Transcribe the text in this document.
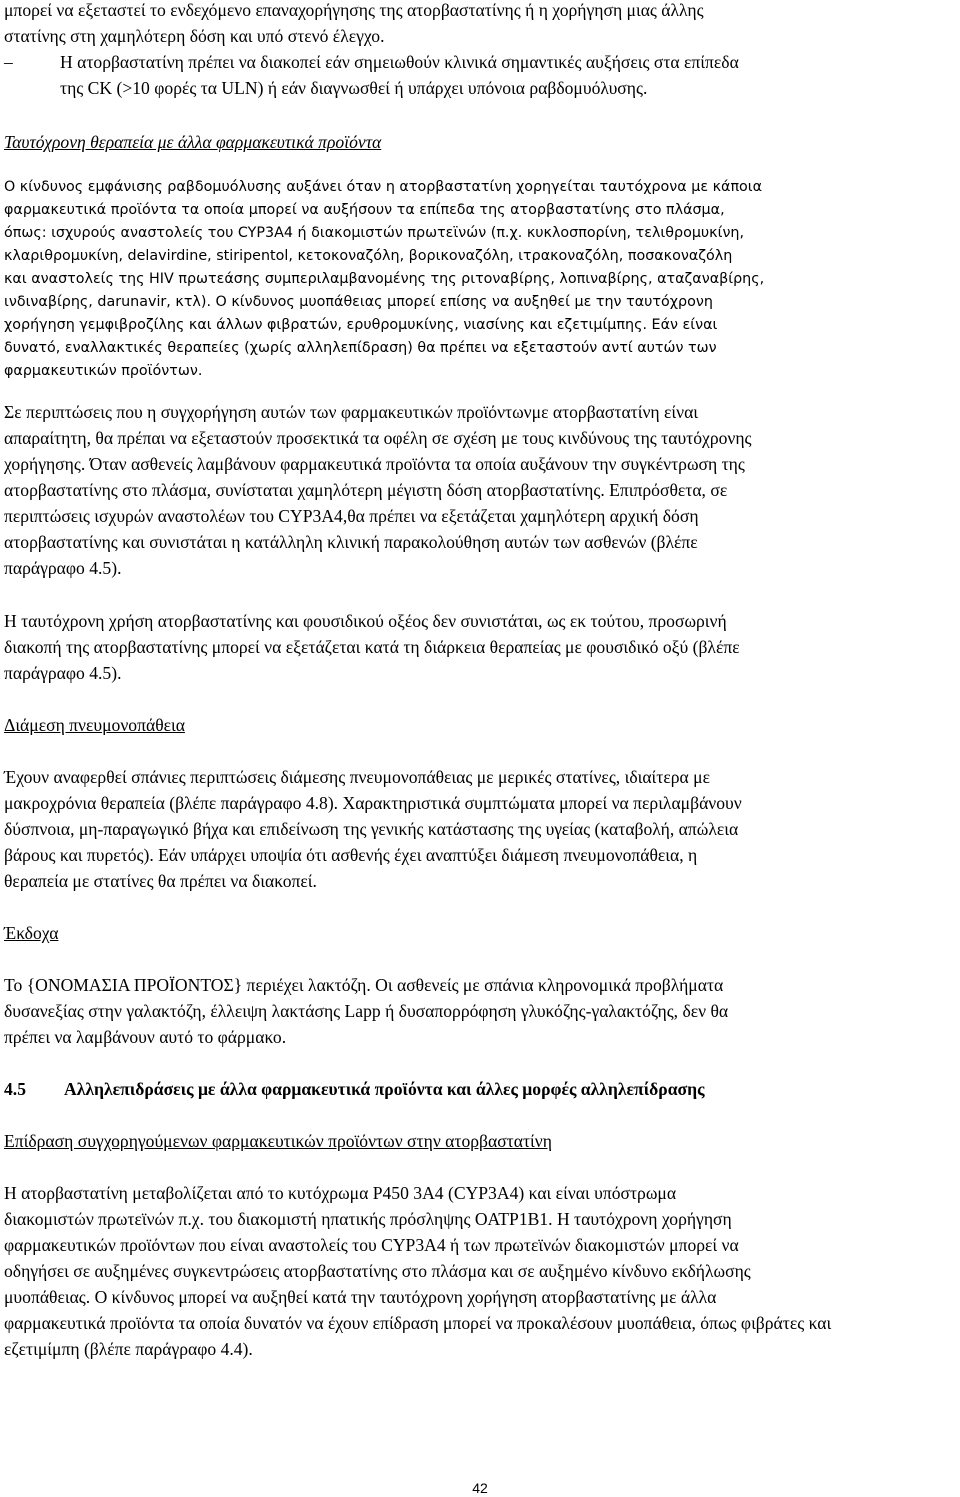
μπορεί να εξεταστεί το ενδεχόμενο επαναχορήγησης της ατορβαστατίνης ή η χορήγηση μιας άλλης
στατίνης στη χαμηλότερη δόση και υπό στενό έλεγχο.
–	Η ατορβαστατίνη πρέπει να διακοπεί εάν σημειωθούν κλινικά σημαντικές αυξήσεις στα επίπεδα
της CK (>10 φορές τα ULN) ή εάν διαγνωσθεί ή υπάρχει υπόνοια ραβδομυόλυσης.
Ταυτόχρονη θεραπεία με άλλα φαρμακευτικά προϊόντα
Ο κίνδυνος εμφάνισης ραβδομυόλυσης αυξάνει όταν η ατορβαστατίνη χορηγείται ταυτόχρονα με κάποια
φαρμακευτικά προϊόντα τα οποία μπορεί να αυξήσουν τα επίπεδα της ατορβαστατίνης στο πλάσμα,
όπως: ισχυρούς αναστολείς του CYP3A4 ή διακομιστών πρωτεϊνών (π.χ. κυκλοσπορίνη, τελιθρομυκίνη,
κλαριθρομυκίνη, delavirdine, stiripentol, κετοκοναζόλη, βορικοναζόλη, ιτρακοναζόλη, ποσακοναζόλη
και αναστολείς της HIV πρωτεάσης συμπεριλαμβανομένης της ριτοναβίρης, λοπιναβίρης, αταζαναβίρης,
ινδιναβίρης, darunavir, κτλ). Ο κίνδυνος μυοπάθειας μπορεί επίσης να αυξηθεί με την ταυτόχρονη
χορήγηση γεμφιβροζίλης και άλλων φιβρατών, ερυθρομυκίνης, νιασίνης και εζετιμίμπης. Εάν είναι
δυνατό, εναλλακτικές θεραπείες (χωρίς αλληλεπίδραση) θα πρέπει να εξεταστούν αντί αυτών των
φαρμακευτικών προϊόντων.
Σε περιπτώσεις που η συγχορήγηση αυτών των φαρμακευτικών προϊόντωνμε ατορβαστατίνη είναι
απαραίτητη, θα πρέπαι να εξεταστούν προσεκτικά τα οφέλη σε σχέση με τους κινδύνους της ταυτόχρονης
χορήγησης. Όταν ασθενείς λαμβάνουν φαρμακευτικά προϊόντα τα οποία αυξάνουν την συγκέντρωση της
ατορβαστατίνης στο πλάσμα, συνίσταται χαμηλότερη μέγιστη δόση ατορβαστατίνης. Επιπρόσθετα, σε
περιπτώσεις ισχυρών αναστολέων του CYP3A4,θα πρέπει να εξετάζεται χαμηλότερη αρχική δόση
ατορβαστατίνης και συνιστάται η κατάλληλη κλινική παρακολούθηση αυτών των ασθενών (βλέπε
παράγραφο 4.5).
Η ταυτόχρονη χρήση ατορβαστατίνης και φουσιδικού οξέος δεν συνιστάται, ως εκ τούτου, προσωρινή
διακοπή της ατορβαστατίνης μπορεί να εξετάζεται κατά τη διάρκεια θεραπείας με φουσιδικό οξύ (βλέπε
παράγραφο 4.5).
Διάμεση πνευμονοπάθεια
Έχουν αναφερθεί σπάνιες περιπτώσεις διάμεσης πνευμονοπάθειας με μερικές στατίνες, ιδιαίτερα με
μακροχρόνια θεραπεία (βλέπε παράγραφο 4.8). Χαρακτηριστικά συμπτώματα μπορεί να περιλαμβάνουν
δύσπνοια, μη-παραγωγικό βήχα και επιδείνωση της γενικής κατάστασης της υγείας (καταβολή, απώλεια
βάρους και πυρετός). Εάν υπάρχει υποψία ότι ασθενής έχει αναπτύξει διάμεση πνευμονοπάθεια, η
θεραπεία με στατίνες θα πρέπει να διακοπεί.
Έκδοχα
Το {ΟΝΟΜΑΣΙΑ ΠΡΟΪΟΝΤΟΣ} περιέχει λακτόζη. Οι ασθενείς με σπάνια κληρονομικά προβλήματα
δυσανεξίας στην γαλακτόζη, έλλειψη λακτάσης Lapp ή δυσαπορρόφηση γλυκόζης-γαλακτόζης, δεν θα
πρέπει να λαμβάνουν αυτό το φάρμακο.
4.5 Αλληλεπιδράσεις με άλλα φαρμακευτικά προϊόντα και άλλες μορφές αλληλεπίδρασης
Επίδραση συγχορηγούμενων φαρμακευτικών προϊόντων στην ατορβαστατίνη
Η ατορβαστατίνη μεταβολίζεται από το κυτόχρωμα P450 3A4 (CYP3A4) και είναι υπόστρωμα
διακομιστών πρωτεϊνών π.χ. του διακομιστή ηπατικής πρόσληψης OATP1B1. Η ταυτόχρονη χορήγηση
φαρμακευτικών προϊόντων που είναι αναστολείς του CYP3A4 ή των πρωτεϊνών διακομιστών μπορεί να
οδηγήσει σε αυξημένες συγκεντρώσεις ατορβαστατίνης στο πλάσμα και σε αυξημένο κίνδυνο εκδήλωσης
μυοπάθειας. Ο κίνδυνος μπορεί να αυξηθεί κατά την ταυτόχρονη χορήγηση ατορβαστατίνης με άλλα
φαρμακευτικά προϊόντα τα οποία δυνατόν να έχουν επίδραση μπορεί να προκαλέσουν μυοπάθεια, όπως φιβράτες και
εζετιμίμπη (βλέπε παράγραφο 4.4).
42
